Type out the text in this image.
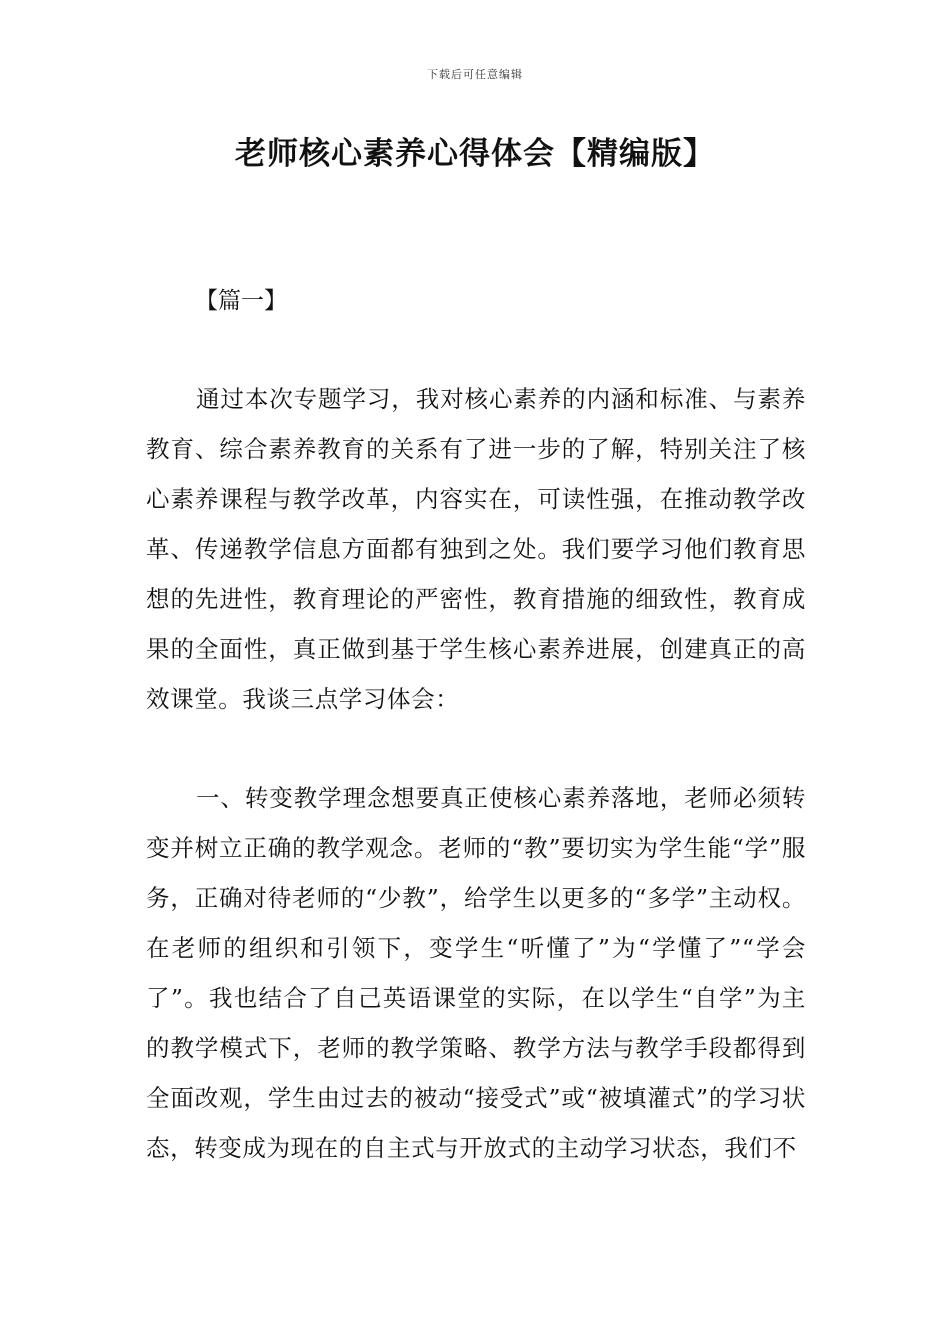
下载后可任意编辑
老师核心素养心得体会【精编版】
【篇一】

通过本次专题学习，我对核心素养的内涵和标准、与素养教育、综合素养教育的关系有了进一步的了解，特别关注了核心素养课程与教学改革，内容实在，可读性强，在推动教学改革、传递教学信息方面都有独到之处。我们要学习他们教育思想的先进性，教育理论的严密性，教育措施的细致性，教育成果的全面性，真正做到基于学生核心素养进展，创建真正的高效课堂。我谈三点学习体会：

一、转变教学理念想要真正使核心素养落地，老师必须转变并树立正确的教学观念。老师的“教”要切实为学生能“学”服务，正确对待老师的“少教”，给学生以更多的“多学”主动权。在老师的组织和引领下，变学生“听懂了”为“学懂了”“学会了”。我也结合了自己英语课堂的实际，在以学生“自学”为主的教学模式下，老师的教学策略、教学方法与教学手段都得到全面改观，学生由过去的被动“接受式”或“被填灌式”的学习状态，转变成为现在的自主式与开放式的主动学习状态，我们不
